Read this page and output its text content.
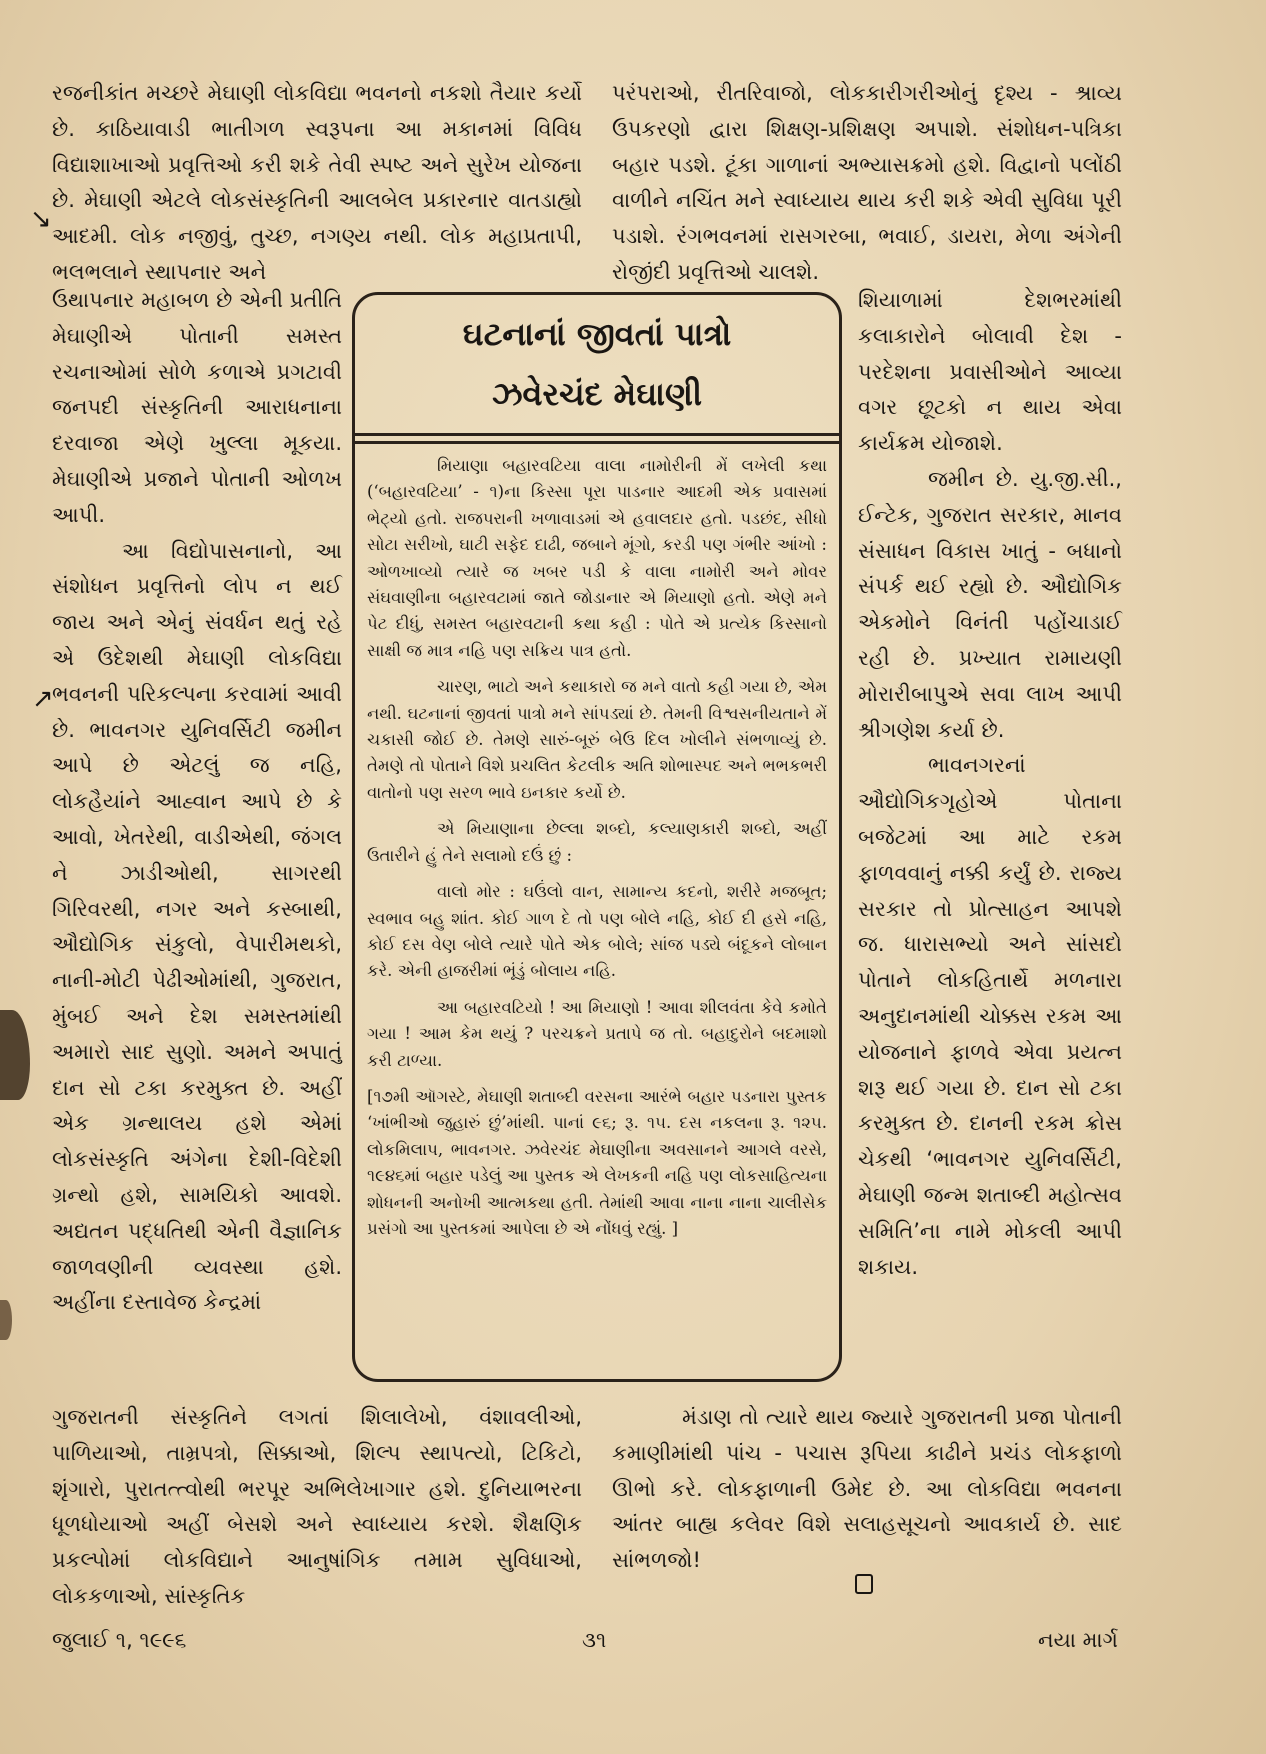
↘
↗

રજનીકાંત મચ્છરે મેઘાણી લોકવિદ્યા ભવનનો નકશો તૈયાર કર્યો છે. કાઠિયાવાડી ભાતીગળ સ્વરૂપના આ મકાનમાં વિવિધ વિદ્યાશાખાઓ પ્રવૃત્તિઓ કરી શકે તેવી સ્પષ્ટ અને સુરેખ યોજના છે. મેઘાણી એટલે લોકસંસ્કૃતિની આલબેલ પ્રકારનાર વાતડાહ્યો આદમી. લોક નજીવું, તુચ્છ, નગણ્ય નથી. લોક મહાપ્રતાપી, ભલભલાને સ્થાપનાર અને

પરંપરાઓ, રીતરિવાજો, લોકકારીગરીઓનું દૃશ્ય - શ્રાવ્ય ઉપકરણો દ્વારા શિક્ષણ-પ્રશિક્ષણ અપાશે. સંશોધન-પત્રિકા બહાર પડશે. ટૂંકા ગાળાનાં અભ્યાસક્રમો હશે. વિદ્વાનો પલોંઠી વાળીને નચિંત મને સ્વાધ્યાય થાય કરી શકે એવી સુવિધા પૂરી પડાશે. રંગભવનમાં રાસગરબા, ભવાઈ, ડાયરા, મેળા અંગેની રોજીંદી પ્રવૃત્તિઓ ચાલશે.

ઉથાપનાર મહાબળ છે એની પ્રતીતિ મેઘાણીએ પોતાની સમસ્ત રચનાઓમાં સોળે કળાએ પ્રગટાવી જનપદી સંસ્કૃતિની આરાધનાના દરવાજા એણે ખુલ્લા મૂકયા. મેઘાણીએ પ્રજાને પોતાની ઓળખ આપી.

આ વિદ્યોપાસનાનો, આ સંશોધન પ્રવૃત્તિનો લોપ ન થઈ જાય અને એનું સંવર્ધન થતું રહે એ ઉદેશથી મેઘાણી લોકવિદ્યા ભવનની પરિકલ્પના કરવામાં આવી છે. ભાવનગર યુનિવર્સિટી જમીન આપે છે એટલું જ નહિ, લોકહૈયાંને આહ્વાન આપે છે કે આવો, ખેતરેથી, વાડીએથી, જંગલ ને ઝાડીઓથી, સાગરથી ગિરિવરથી, નગર અને કસ્બાથી, ઔદ્યોગિક સંકુલો, વેપારીમથકો, નાની-મોટી પેઢીઓમાંથી, ગુજરાત, મુંબઈ અને દેશ સમસ્તમાંથી અમારો સાદ સુણો. અમને અપાતું દાન સો ટકા કરમુક્ત છે. અહીં એક ગ્રન્થાલય હશે એમાં લોકસંસ્કૃતિ અંગેના દેશી-વિદેશી ગ્રન્થો હશે, સામયિકો આવશે. અદ્યતન પદ્ધતિથી એની વૈજ્ઞાનિક જાળવણીની વ્યવસ્થા હશે. અહીંના દસ્તાવેજ કેન્દ્રમાં

ઘટનાનાં જીવતાં પાત્રો
ઝવેરચંદ મેઘાણી

મિયાણા બહારવટિયા વાલા નામોરીની મેં લખેલી કથા (‘બહારવટિયા’ - ૧)ના કિસ્સા પૂરા પાડનાર આદમી એક પ્રવાસમાં ભેટ્યો હતો. રાજપરાની ખળાવાડમાં એ હવાલદાર હતો. પડછંદ, સીધો સોટા સરીખો, ઘાટી સફેદ દાઢી, જબાને મૂંગો, કરડી પણ ગંભીર આંખો : ઓળખાવ્યો ત્યારે જ ખબર પડી કે વાલા નામોરી અને મોવર સંઘવાણીના બહારવટામાં જાતે જોડાનાર એ મિયાણો હતો. એણે મને પેટ દીધું, સમસ્ત બહારવટાની કથા કહી : પોતે એ પ્રત્યેક કિસ્સાનો સાક્ષી જ માત્ર નહિ પણ સક્રિય પાત્ર હતો.

ચારણ, ભાટો અને કથાકારો જ મને વાતો કહી ગયા છે, એમ નથી. ઘટનાનાં જીવતાં પાત્રો મને સાંપડ્યાં છે. તેમની વિશ્વસનીયતાને મેં ચકાસી જોઈ છે. તેમણે સારું-બૂરું બેઉ દિલ ખોલીને સંભળાવ્યું છે. તેમણે તો પોતાને વિશે પ્રચલિત કેટલીક અતિ શોભાસ્પદ અને ભભકભરી વાતોનો પણ સરળ ભાવે ઇનકાર કર્યો છે.

એ મિયાણાના છેલ્લા શબ્દો, કલ્યાણકારી શબ્દો, અહીં ઉતારીને હું તેને સલામો દઉં છું :

વાલો મોર : ઘઉંલો વાન, સામાન્ય કદનો, શરીરે મજબૂત; સ્વભાવ બહુ શાંત. કોઈ ગાળ દે તો પણ બોલે નહિ, કોઈ દી હસે નહિ, કોઈ દસ વેણ બોલે ત્યારે પોતે એક બોલે; સાંજ પડ્યે બંદૂકને લોબાન કરે. એની હાજરીમાં ભૂંડું બોલાય નહિ.

આ બહારવટિયો ! આ મિયાણો ! આવા શીલવંતા કેવે કમોતે ગયા ! આમ કેમ થયું ? પરચક્રને પ્રતાપે જ તો. બહાદુરોને બદમાશો કરી ટાળ્યા.

[૧૭મી ઑગસ્ટે, મેઘાણી શતાબ્દી વરસના આરંભે બહાર પડનારા પુસ્તક ‘ખાંભીઓ જુહારું છું’માંથી. પાનાં ૯૬; રૂ. ૧૫. દસ નકલના રૂ. ૧૨૫. લોકમિલાપ, ભાવનગર. ઝવેરચંદ મેઘાણીના અવસાનને આગલે વરસે, ૧૯૪૬માં બહાર પડેલું આ પુસ્તક એ લેખકની નહિ પણ લોકસાહિત્યના શોધનની અનોખી આત્મકથા હતી. તેમાંથી આવા નાના નાના ચાલીસેક પ્રસંગો આ પુસ્તકમાં આપેલા છે એ નોંધવું રહ્યું. ]

શિયાળામાં દેશભરમાંથી કલાકારોને બોલાવી દેશ - પરદેશના પ્રવાસીઓને આવ્યા વગર છૂટકો ન થાય એવા કાર્યક્રમ યોજાશે.

જમીન છે. યુ.જી.સી., ઈન્ટેક, ગુજરાત સરકાર, માનવ સંસાધન વિકાસ ખાતું - બધાનો સંપર્ક થઈ રહ્યો છે. ઔદ્યોગિક એકમોને વિનંતી પહોંચાડાઈ રહી છે. પ્રખ્યાત રામાયણી મોરારીબાપુએ સવા લાખ આપી શ્રીગણેશ કર્યા છે.

ભાવનગરનાં ઔદ્યોગિકગૃહોએ પોતાના બજેટમાં આ માટે રકમ ફાળવવાનું નક્કી કર્યું છે. રાજ્ય સરકાર તો પ્રોત્સાહન આપશે જ. ધારાસભ્યો અને સાંસદો પોતાને લોકહિતાર્થે મળનારા અનુદાનમાંથી ચોક્કસ રકમ આ યોજનાને ફાળવે એવા પ્રયત્ન શરૂ થઈ ગયા છે. દાન સો ટકા કરમુક્ત છે. દાનની રકમ ક્રોસ ચેકથી ‘ભાવનગર યુનિવર્સિટી, મેઘાણી જન્મ શતાબ્દી મહોત્સવ સમિતિ’ના નામે મોકલી આપી શકાય.

ગુજરાતની સંસ્કૃતિને લગતાં શિલાલેખો, વંશાવલીઓ, પાળિયાઓ, તામ્રપત્રો, સિક્કાઓ, શિલ્પ સ્થાપત્યો, ટિકિટો, શૃંગારો, પુરાતત્ત્વોથી ભરપૂર અભિલેખાગાર હશે. દુનિયાભરના ધૂળધોયાઓ અહીં બેસશે અને સ્વાધ્યાય કરશે. શૈક્ષણિક પ્રકલ્પોમાં લોકવિદ્યાને આનુષાંગિક તમામ સુવિધાઓ, લોકકળાઓ, સાંસ્કૃતિક

મંડાણ તો ત્યારે થાય જ્યારે ગુજરાતની પ્રજા પોતાની કમાણીમાંથી પાંચ - પચાસ રૂપિયા કાઢીને પ્રચંડ લોકફાળો ઊભો કરે. લોકફાળાની ઉમેદ છે. આ લોકવિદ્યા ભવનના આંતર બાહ્ય કલેવર વિશે સલાહસૂચનો આવકાર્ય છે. સાદ સાંભળજો!

જુલાઈ ૧, ૧૯૯૬	૩૧	નયા માર્ગ
